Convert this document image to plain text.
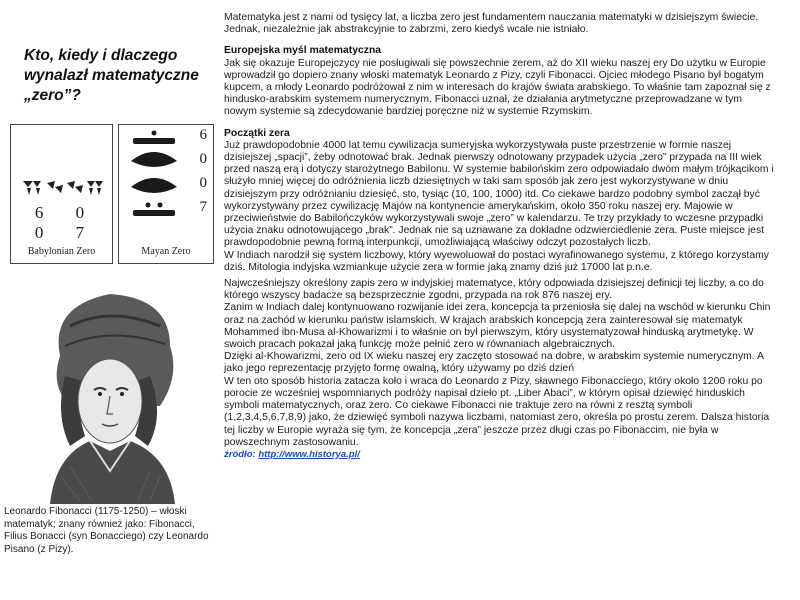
Kto, kiedy i dlaczego wynalazł matematyczne „zero”?
6 0 0 7
Babylonian Zero
6
0
0
7
Mayan Zero
Leonardo Fibonacci (1175-1250) – włoski matematyk; znany również jako: Fibonacci, Filius Bonacci (syn Bonacciego) czy Leonardo Pisano (z Pizy).

Matematyka jest z nami od tysięcy lat, a liczba zero jest fundamentem nauczania matematyki w dzisiejszym świecie. Jednak, niezależnie jak abstrakcyjnie to zabrzmi, zero kiedyś wcale nie istniało.

Europejska myśl matematyczna

Jak się okazuje Europejczycy nie posługiwali się powszechnie zerem, aż do XII wieku naszej ery Do użytku w Europie wprowadził go dopiero znany włoski matematyk Leonardo z Pizy, czyli Fibonacci. Ojciec młodego Pisano był bogatym kupcem, a młody Leonardo podróżował z nim w interesach do krajów świata arabskiego. To właśnie tam zapoznał się z hindusko-arabskim systemem numerycznym. Fibonacci uznał, że działania arytmetyczne przeprowadzane w tym nowym systemie są zdecydowanie bardziej poręczne niż w systemie Rzymskim.

Początki zera

Już prawdopodobnie 4000 lat temu cywilizacja sumeryjska wykorzystywała puste przestrzenie w formie naszej dzisiejszej „spacji”, żeby odnotować brak. Jednak pierwszy odnotowany przypadek użycia „zero” przypada na III wiek przed naszą erą i dotyczy starożytnego Babilonu. W systemie babilońskim zero odpowiadało dwóm małym trójkącikom i służyło mniej więcej do odróżnienia liczb dziesiętnych w taki sam sposób jak zero jest wykorzystywane w dniu dzisiejszym przy odróżnianiu dziesięć, sto, tysiąc (10, 100, 1000) itd. Co ciekawe bardzo podobny symbol zaczął być wykorzystywany przez cywilizację Majów na kontynencie amerykańskim, około 350 roku naszej ery. Majowie w przeciwieństwie do Babilończyków wykorzystywali swoje „zero” w kalendarzu. Te trzy przykłady to wczesne przypadki użycia znaku odnotowującego „brak”. Jednak nie są uznawane za dokładne odzwierciedlenie zera. Puste miejsce jest prawdopodobnie pewną formą interpunkcji, umożliwiającą właściwy odczyt pozostałych liczb.

W Indiach narodził się system liczbowy, który wyewoluował do postaci wyrafinowanego systemu, z którego korzystamy dziś. Mitologia indyjska wzmiankuje użycie zera w formie jaką znamy dziś już 17000 lat p.n.e.

Najwcześniejszy określony zapis zero w indyjskiej matematyce, który odpowiada dzisiejszej definicji tej liczby, a co do którego wszyscy badacze są bezsprzecznie zgodni, przypada na rok 876 naszej ery.

Zanim w Indiach dalej kontynuowano rozwijanie idei zera, koncepcja ta przeniosła się dalej na wschód w kierunku Chin oraz na zachód w kierunku państw islamskich. W krajach arabskich koncepcją zera zainteresował się matematyk Mohammed ibn-Musa al-Khowarizmi i to właśnie on był pierwszym, który usystematyzował hinduską arytmetykę. W swoich pracach pokazał jaką funkcję może pełnić zero w równaniach algebraicznych.

Dzięki al-Khowarizmi, zero od IX wieku naszej ery zaczęto stosować na dobre, w arabskim systemie numerycznym. A jako jego reprezentację przyjęto formę owalną, który używamy po dziś dzień

W ten oto sposób historia zatacza koło i wraca do Leonardo z Pizy, sławnego Fibonacciego, który około 1200 roku po porocie ze wcześniej wspomnianych podróży napisał dzieło pt. „Liber Abaci”, w którym opisał dziewięć hinduskich symboli matematycznych, oraz zero. Co ciekawe Fibonacci nie traktuje zero na równi z resztą symboli (1,2,3,4,5,6,7,8,9) jako, że dziewięć symboli nazywa liczbami, natomiast zero, określa po prostu zerem. Dalsza historia tej liczby w Europie wyraża się tym, że koncepcja „zera” jeszcze przez długi czas po Fibonaccim, nie była w powszechnym zastosowaniu.

źródło: http://www.historya.pl/
